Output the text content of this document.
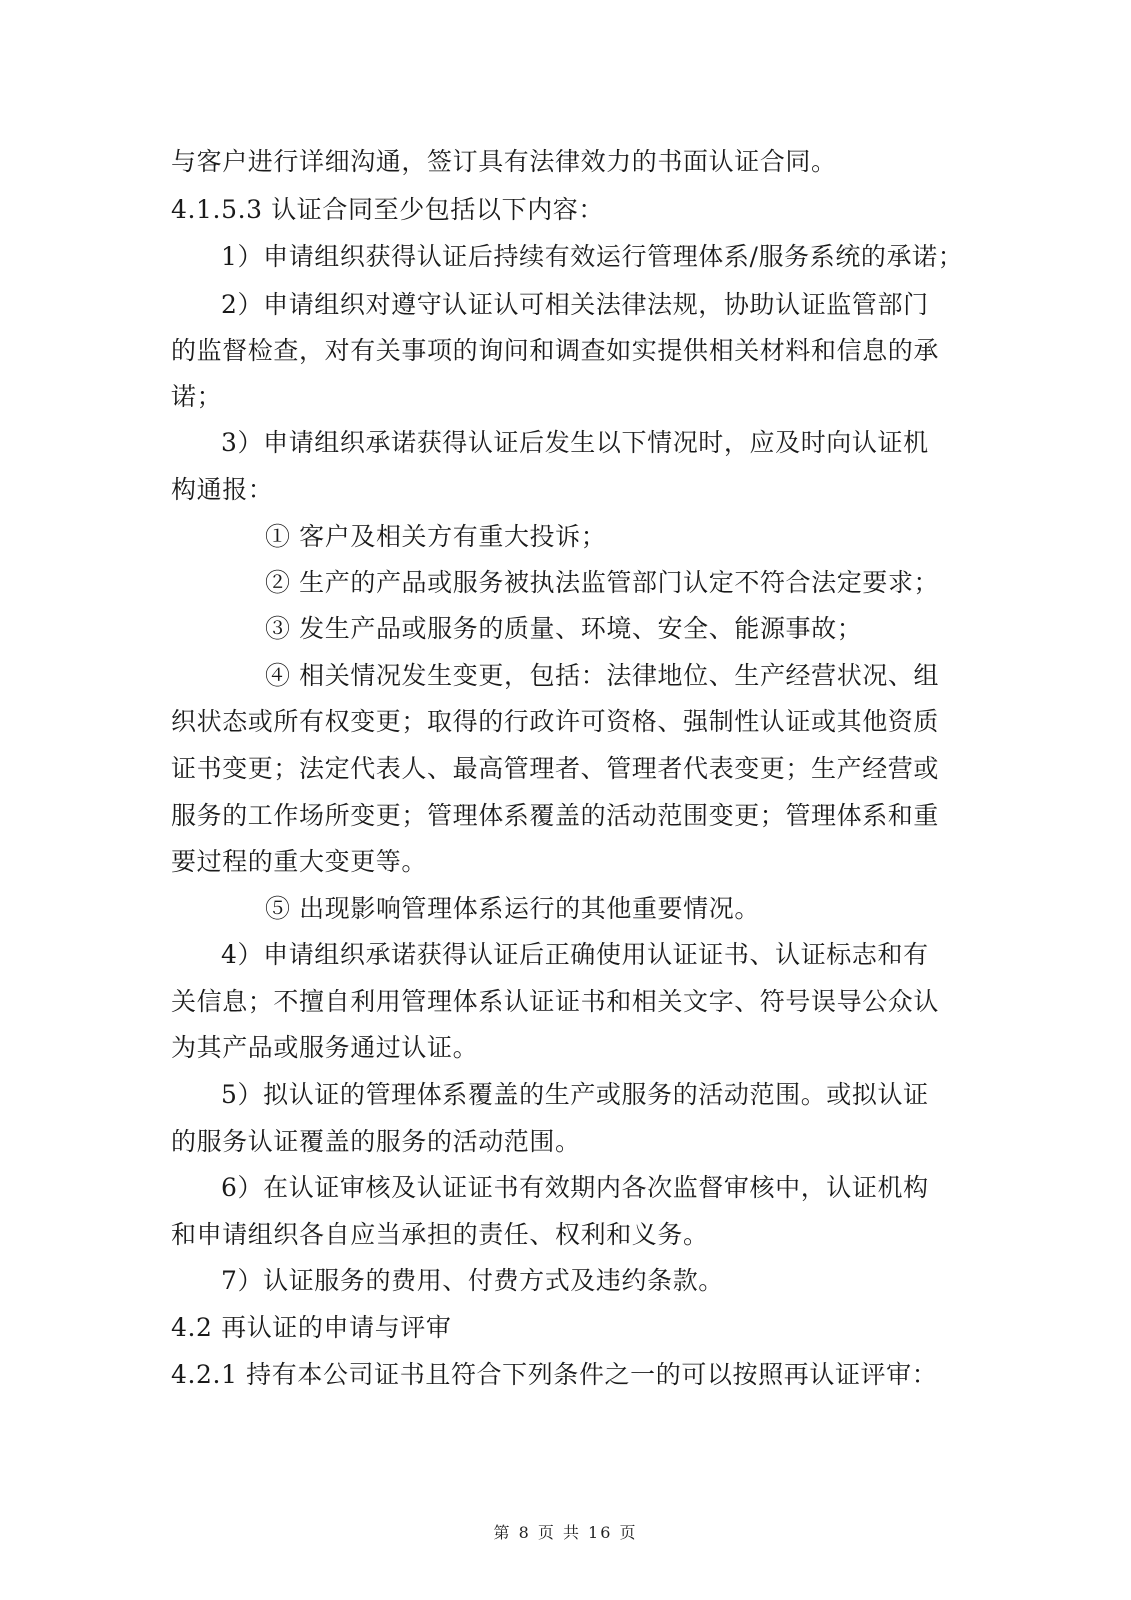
与客户进行详细沟通，签订具有法律效力的书面认证合同。
4.1.5.3 认证合同至少包括以下内容：
1）申请组织获得认证后持续有效运行管理体系/服务系统的承诺；
2）申请组织对遵守认证认可相关法律法规，协助认证监管部门
的监督检查，对有关事项的询问和调查如实提供相关材料和信息的承
诺；
3）申请组织承诺获得认证后发生以下情况时，应及时向认证机
构通报：
① 客户及相关方有重大投诉；
② 生产的产品或服务被执法监管部门认定不符合法定要求；
③ 发生产品或服务的质量、环境、安全、能源事故；
④ 相关情况发生变更，包括：法律地位、生产经营状况、组
织状态或所有权变更；取得的行政许可资格、强制性认证或其他资质
证书变更；法定代表人、最高管理者、管理者代表变更；生产经营或
服务的工作场所变更；管理体系覆盖的活动范围变更；管理体系和重
要过程的重大变更等。
⑤ 出现影响管理体系运行的其他重要情况。
4）申请组织承诺获得认证后正确使用认证证书、认证标志和有
关信息；不擅自利用管理体系认证证书和相关文字、符号误导公众认
为其产品或服务通过认证。
5）拟认证的管理体系覆盖的生产或服务的活动范围。或拟认证
的服务认证覆盖的服务的活动范围。
6）在认证审核及认证证书有效期内各次监督审核中，认证机构
和申请组织各自应当承担的责任、权利和义务。
7）认证服务的费用、付费方式及违约条款。
4.2 再认证的申请与评审
4.2.1 持有本公司证书且符合下列条件之一的可以按照再认证评审：
第 8 页 共 16 页
